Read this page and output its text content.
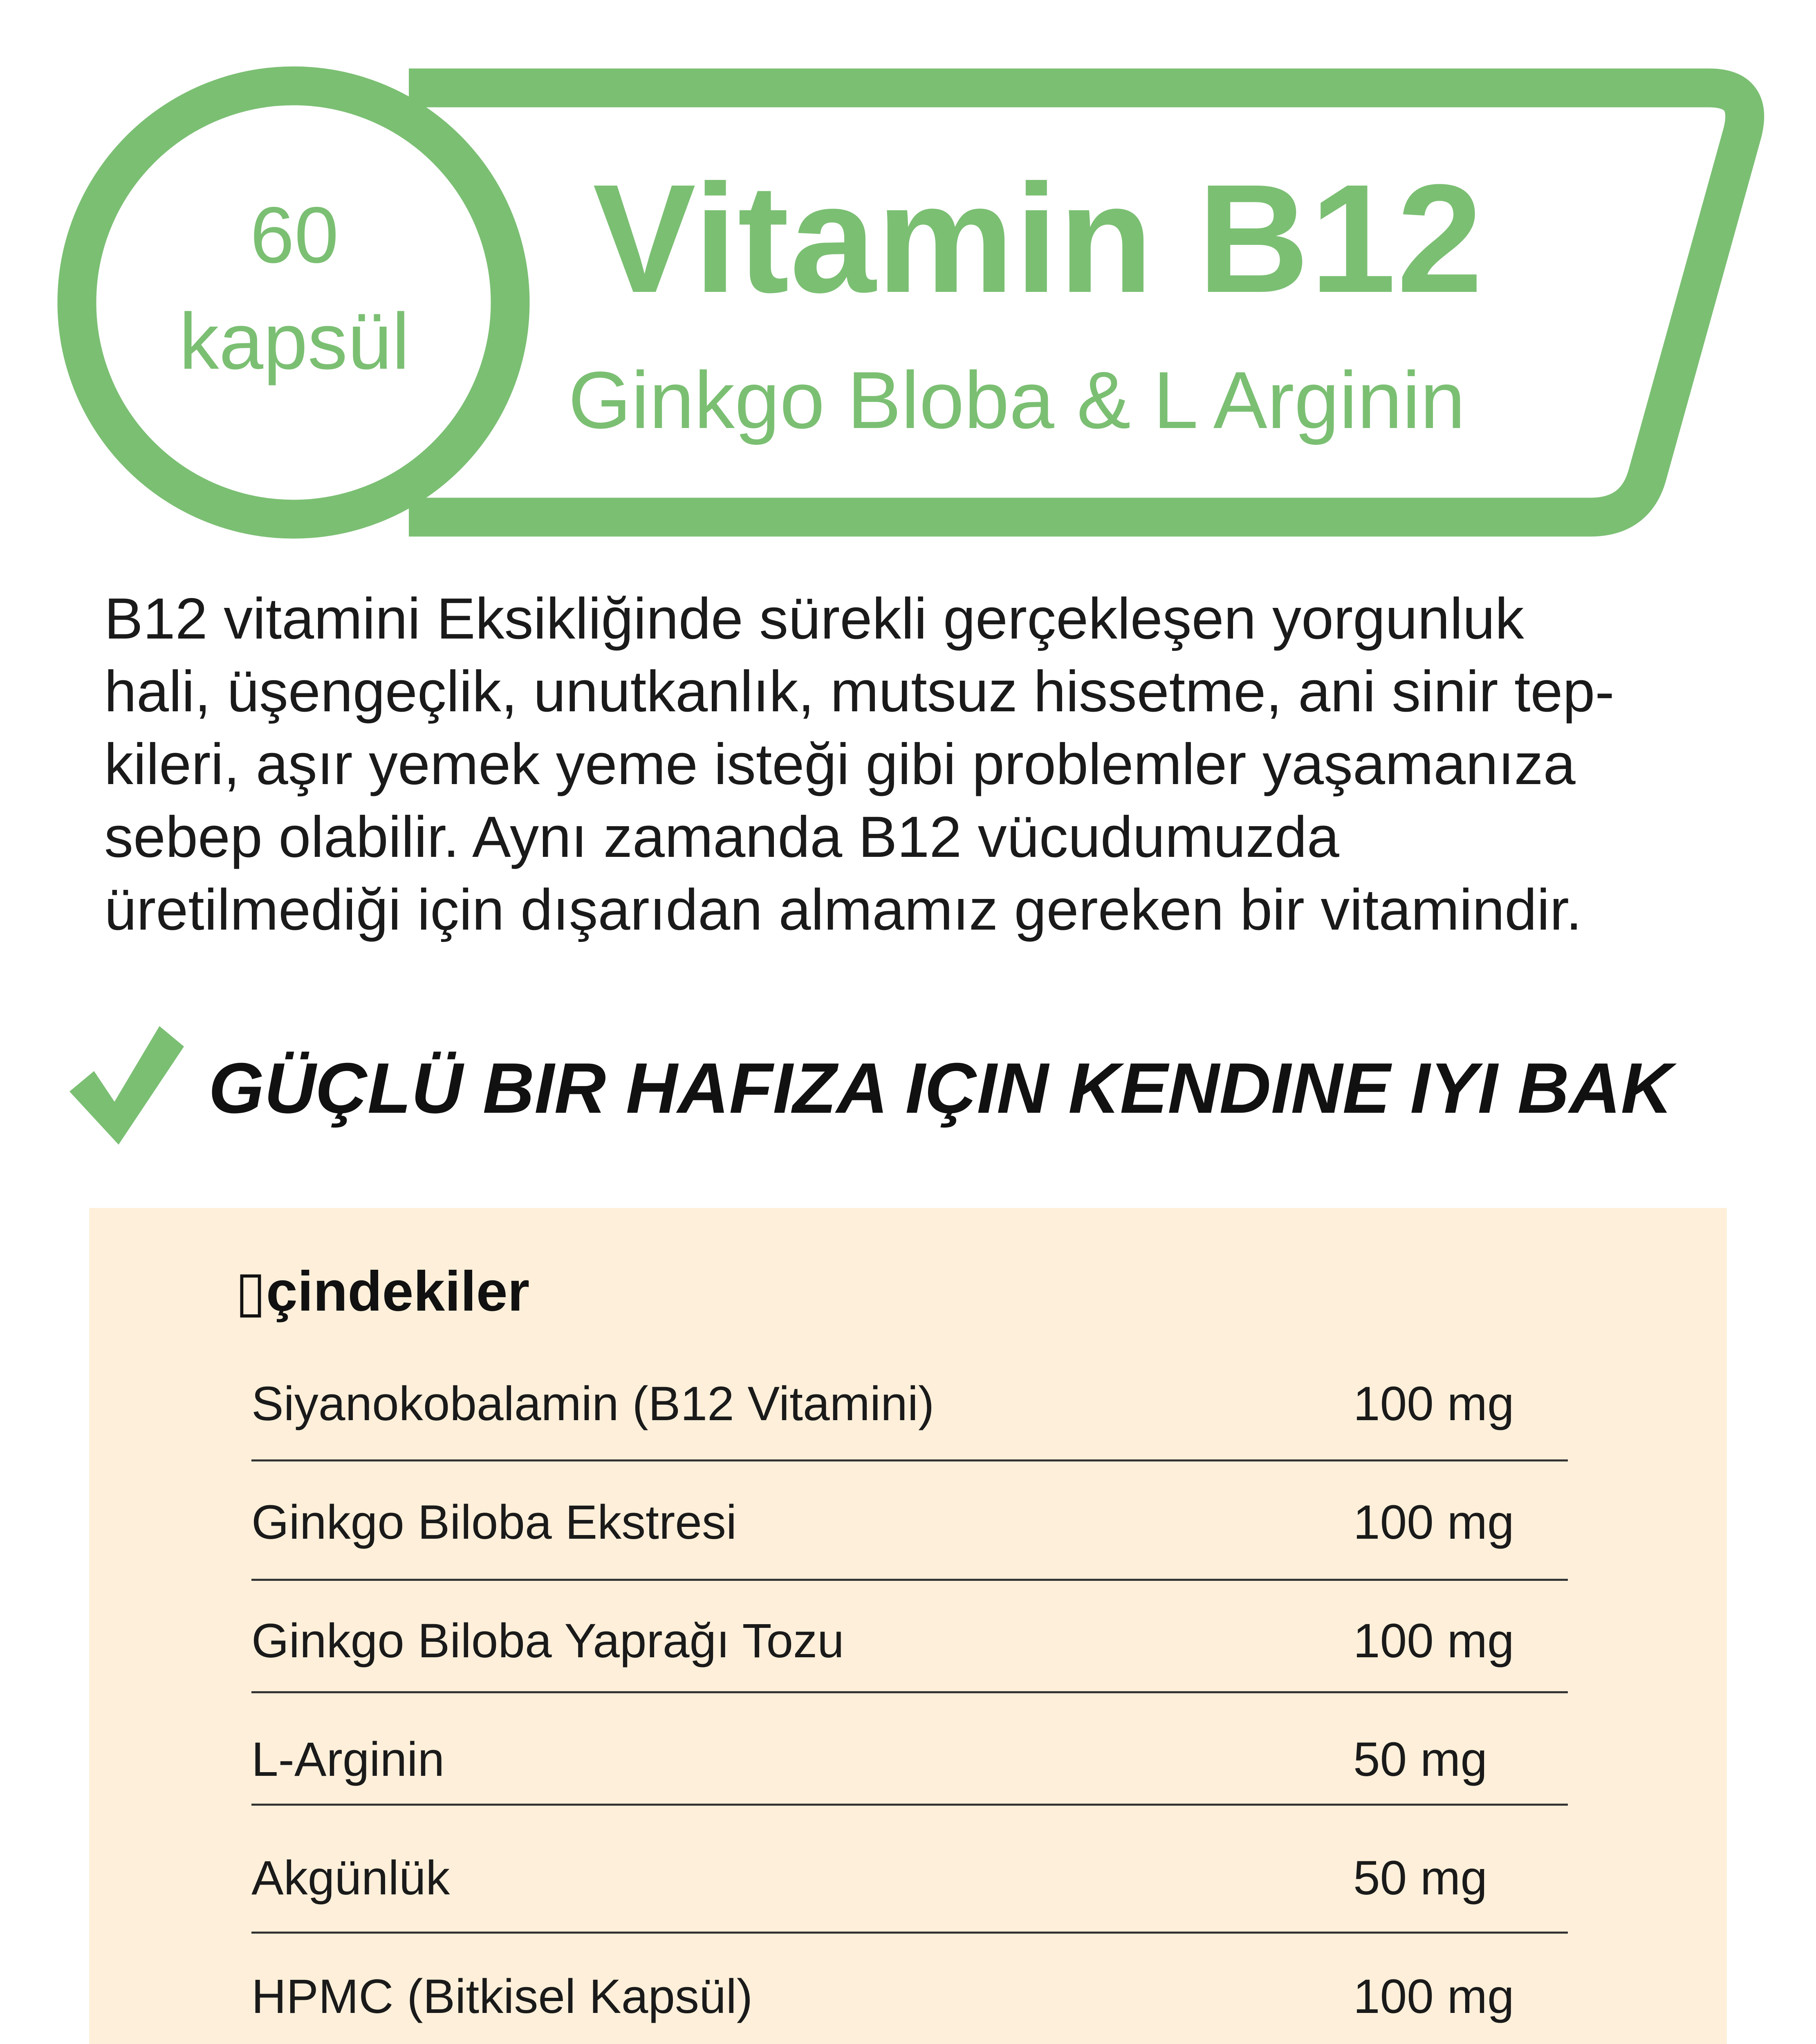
60
kapsül
Vitamin B12
Ginkgo Bloba & L Arginin
B12 vitamini Eksikliğinde sürekli gerçekleşen yorgunluk
hali, üşengeçlik, unutkanlık, mutsuz hissetme, ani sinir tep-
kileri, aşır yemek yeme isteği gibi problemler yaşamanıza
sebep olabilir. Aynı zamanda B12 vücudumuzda
üretilmediği için dışarıdan almamız gereken bir vitamindir.
GÜÇLÜ BIR HAFIZA IÇIN KENDINE IYI BAK
▯çindekiler
Siyanokobalamin (B12 Vitamini)	100 mg
Ginkgo Biloba Ekstresi	100 mg
Ginkgo Biloba Yaprağı Tozu	100 mg
L-Arginin	50 mg
Akgünlük	50 mg
HPMC (Bitkisel Kapsül)	100 mg
